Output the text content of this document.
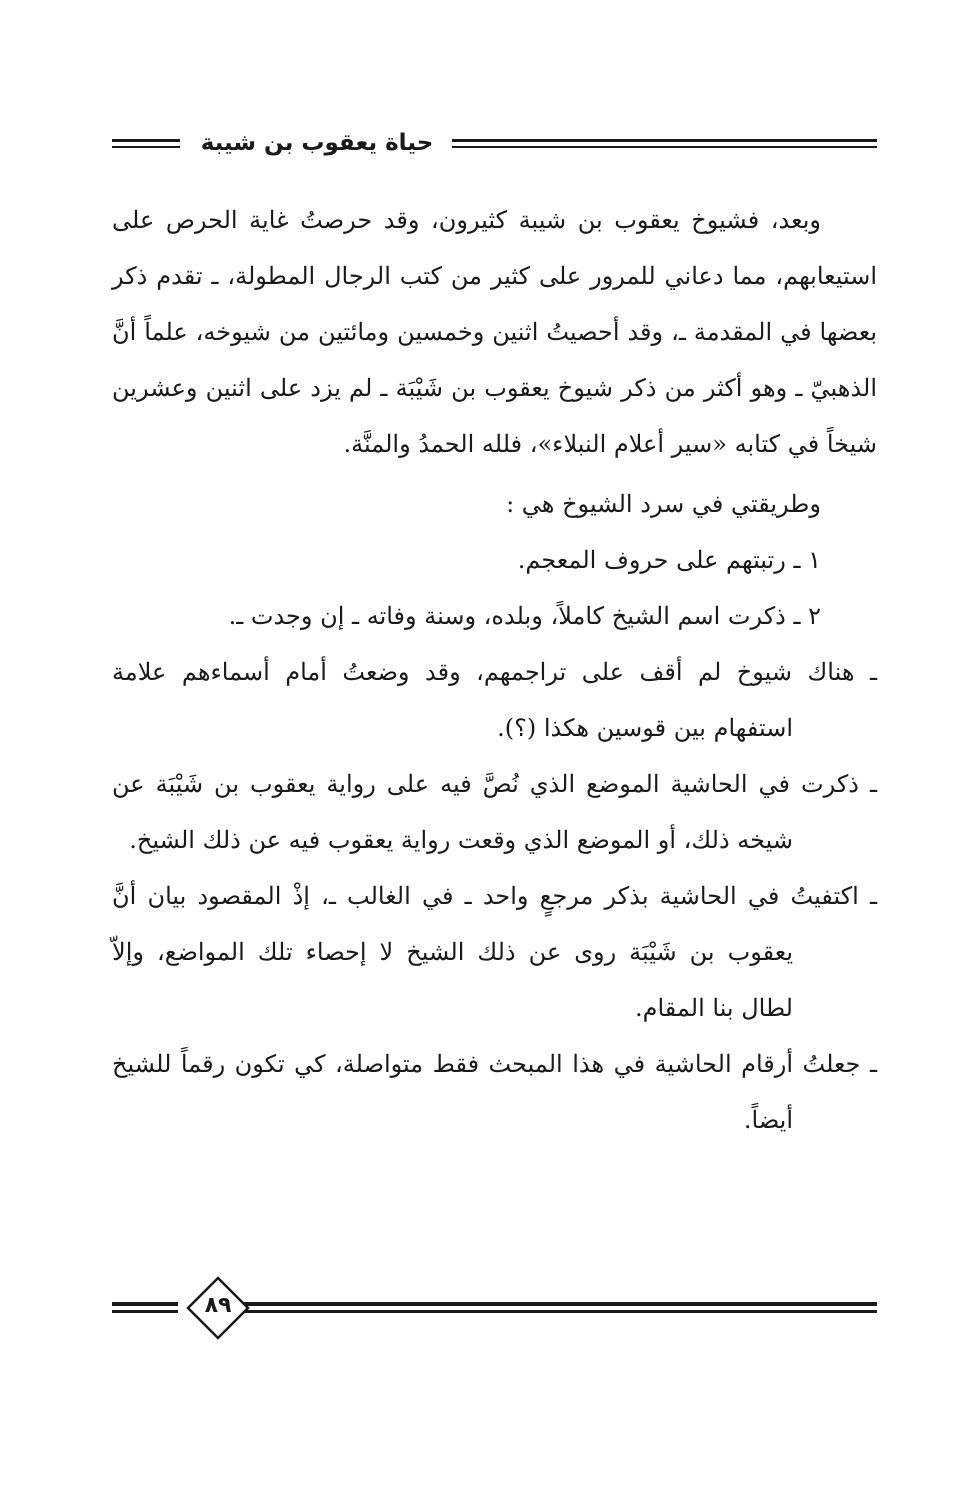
حياة يعقوب بن شيبة

وبعد، فشيوخ يعقوب بن شيبة كثيرون، وقد حرصتُ غاية الحرص على استيعابهم، مما دعاني للمرور على كثير من كتب الرجال المطولة، ـ تقدم ذكر بعضها في المقدمة ـ، وقد أحصيتُ اثنين وخمسين ومائتين من شيوخه، علماً أنَّ الذهبيّ ـ وهو أكثر من ذكر شيوخ يعقوب بن شَيْبَة ـ لم يزد على اثنين وعشرين شيخاً في كتابه «سير أعلام النبلاء»، فلله الحمدُ والمنَّة.

وطريقتي في سرد الشيوخ هي :

١ ـ رتبتهم على حروف المعجم.

٢ ـ ذكرت اسم الشيخ كاملاً، وبلده، وسنة وفاته ـ إن وجدت ـ.

ـ هناك شيوخ لم أقف على تراجمهم، وقد وضعتُ أمام أسماءهم علامة استفهام بين قوسين هكذا (؟).

ـ ذكرت في الحاشية الموضع الذي نُصَّ فيه على رواية يعقوب بن شَيْبَة عن شيخه ذلك، أو الموضع الذي وقعت رواية يعقوب فيه عن ذلك الشيخ.

ـ اكتفيتُ في الحاشية بذكر مرجعٍ واحد ـ في الغالب ـ، إذْ المقصود بيان أنَّ يعقوب بن شَيْبَة روى عن ذلك الشيخ لا إحصاء تلك المواضع، وإلاّ لطال بنا المقام.

ـ جعلتُ أرقام الحاشية في هذا المبحث فقط متواصلة، كي تكون رقماً للشيخ أيضاً.

٨٩
